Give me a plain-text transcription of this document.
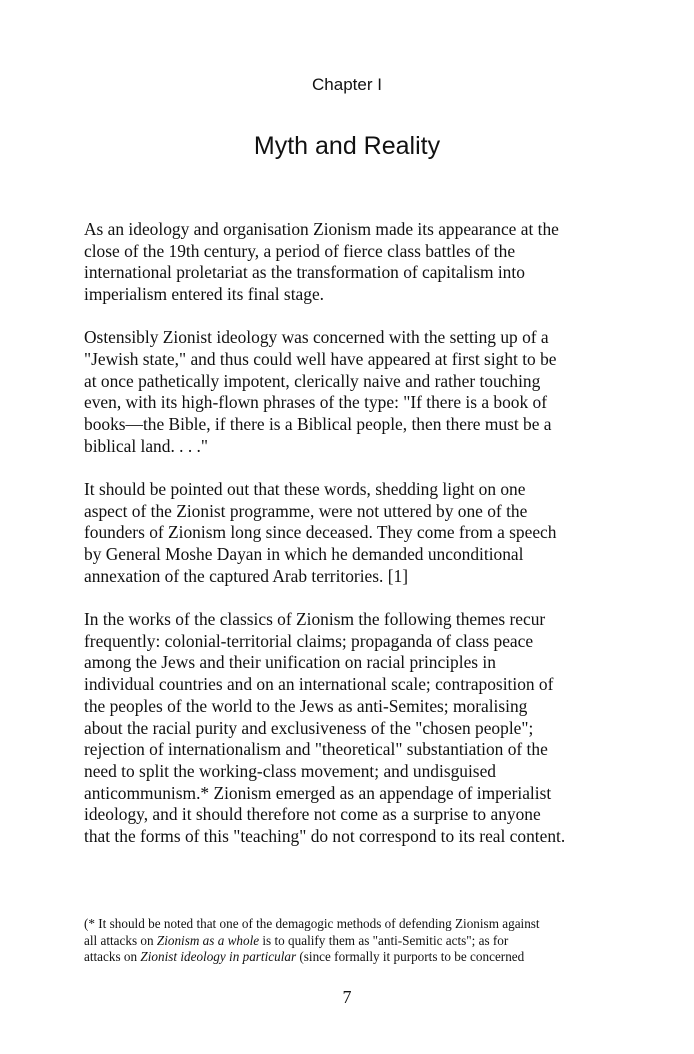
Chapter I
Myth and Reality

As an ideology and organisation Zionism made its appearance at the
close of the 19th century, a period of fierce class battles of the
international proletariat as the transformation of capitalism into
imperialism entered its final stage.

Ostensibly Zionist ideology was concerned with the setting up of a
"Jewish state," and thus could well have appeared at first sight to be
at once pathetically impotent, clerically naive and rather touching
even, with its high-flown phrases of the type: "If there is a book of
books—the Bible, if there is a Biblical people, then there must be a
biblical land. . . ."

It should be pointed out that these words, shedding light on one
aspect of the Zionist programme, were not uttered by one of the
founders of Zionism long since deceased. They come from a speech
by General Moshe Dayan in which he demanded unconditional
annexation of the captured Arab territories. [1]

In the works of the classics of Zionism the following themes recur
frequently: colonial-territorial claims; propaganda of class peace
among the Jews and their unification on racial principles in
individual countries and on an international scale; contraposition of
the peoples of the world to the Jews as anti-Semites; moralising
about the racial purity and exclusiveness of the "chosen people";
rejection of internationalism and "theoretical" substantiation of the
need to split the working-class movement; and undisguised
anticommunism.* Zionism emerged as an appendage of imperialist
ideology, and it should therefore not come as a surprise to anyone
that the forms of this "teaching" do not correspond to its real content.

(* It should be noted that one of the demagogic methods of defending Zionism against
all attacks on Zionism as a whole is to qualify them as "anti-Semitic acts"; as for
attacks on Zionist ideology in particular (since formally it purports to be concerned
7
